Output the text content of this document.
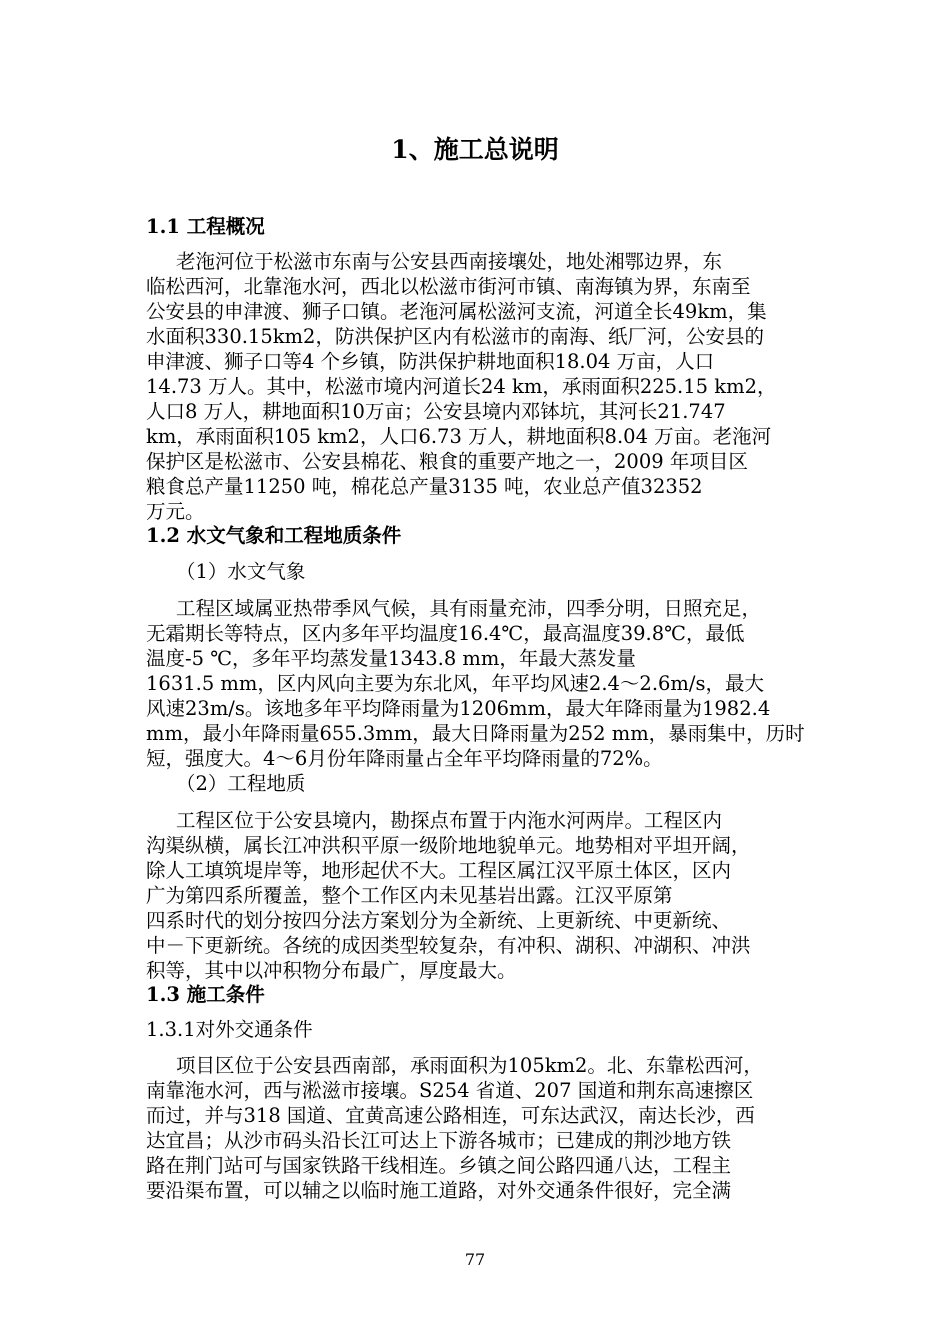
1、施工总说明
1.1 工程概况
老沲河位于松滋市东南与公安县西南接壤处，地处湘鄂边界，东
临松西河，北靠沲水河，西北以松滋市街河市镇、南海镇为界，东南至
公安县的申津渡、狮子口镇。老沲河属松滋河支流，河道全长49km，集
水面积330.15km2，防洪保护区内有松滋市的南海、纸厂河，公安县的
申津渡、狮子口等4 个乡镇，防洪保护耕地面积18.04 万亩，人口
14.73 万人。其中，松滋市境内河道长24 km，承雨面积225.15 km2，
人口8 万人，耕地面积10万亩；公安县境内邓钵坑，其河长21.747
km，承雨面积105 km2，人口6.73 万人，耕地面积8.04 万亩。老沲河
保护区是松滋市、公安县棉花、粮食的重要产地之一，2009 年项目区
粮食总产量11250 吨，棉花总产量3135 吨，农业总产值32352
万元。
1.2 水文气象和工程地质条件
（1）水文气象
工程区域属亚热带季风气候，具有雨量充沛，四季分明，日照充足，
无霜期长等特点，区内多年平均温度16.4℃，最高温度39.8℃，最低
温度-5 ℃，多年平均蒸发量1343.8 mm，年最大蒸发量
1631.5 mm，区内风向主要为东北风，年平均风速2.4～2.6m/s，最大
风速23m/s。该地多年平均降雨量为1206mm，最大年降雨量为1982.4
mm，最小年降雨量655.3mm，最大日降雨量为252 mm，暴雨集中，历时
短，强度大。4～6月份年降雨量占全年平均降雨量的72%。
（2）工程地质
工程区位于公安县境内，勘探点布置于内沲水河两岸。工程区内
沟渠纵横，属长江冲洪积平原一级阶地地貌单元。地势相对平坦开阔，
除人工填筑堤岸等，地形起伏不大。工程区属江汉平原土体区，区内
广为第四系所覆盖，整个工作区内未见基岩出露。江汉平原第
四系时代的划分按四分法方案划分为全新统、上更新统、中更新统、
中－下更新统。各统的成因类型较复杂，有冲积、湖积、冲湖积、冲洪
积等，其中以冲积物分布最广，厚度最大。
1.3 施工条件
1.3.1对外交通条件
项目区位于公安县西南部，承雨面积为105km2。北、东靠松西河，
南靠沲水河，西与淞滋市接壤。S254 省道、207 国道和荆东高速擦区
而过，并与318 国道、宜黄高速公路相连，可东达武汉，南达长沙，西
达宜昌；从沙市码头沿长江可达上下游各城市；已建成的荆沙地方铁
路在荆门站可与国家铁路干线相连。乡镇之间公路四通八达，工程主
要沿渠布置，可以辅之以临时施工道路，对外交通条件很好，完全满
77
